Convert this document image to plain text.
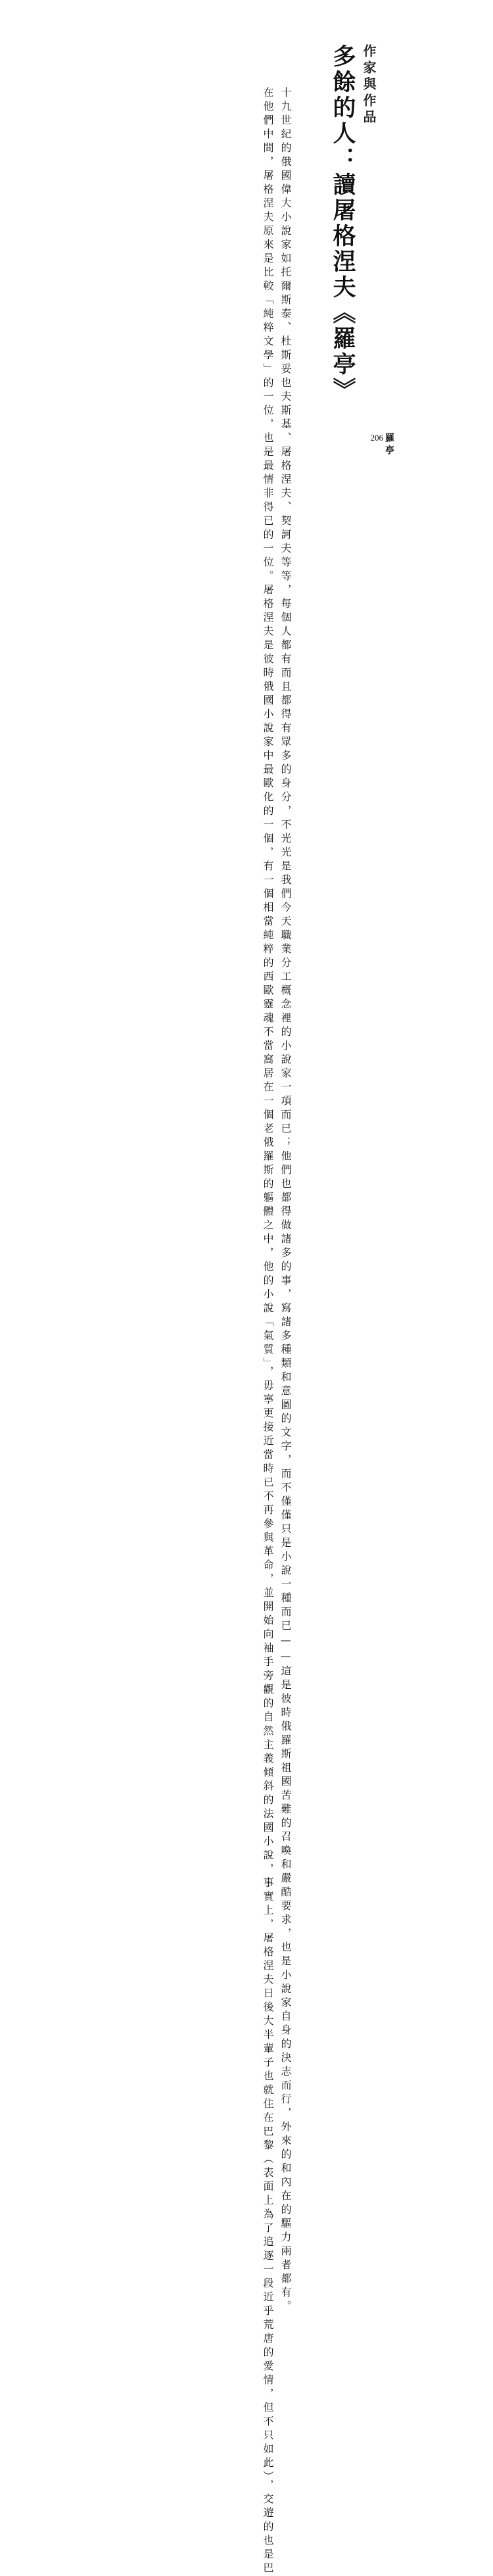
作家與作品
多餘的人：讀屠格涅夫《羅亭》

十九世紀的俄國偉大小說家如托爾斯泰、杜斯妥也夫斯基、屠格涅夫、契訶夫等等，每個人都有而且都得有眾多的身分，不光光是我們今天職業分工概念裡的小說家一項而已；他們也都得做諸多的事，寫諸多種類和意圖的文字，而不僅僅只是小說一種而已——這是彼時俄羅斯祖國苦難的召喚和嚴酷要求，也是小說家自身的決志而行，外來的和內在的驅力兩者都有。

在他們中間，屠格涅夫原來是比較「純粹文學」的一位，也是最情非得已的一位。屠格涅夫是彼時俄國小說家中最歐化的一個，有一個相當純粹的西歐靈魂不當窩居在一個老俄羅斯的軀體之中，他的小說「氣質」，毋寧更接近當時已不再參與革命，並開始向袖手旁觀的自然主義傾斜的法國小說，事實上，屠格涅夫日後大半輩子也就住在巴黎（表面上為了追逐一段近乎荒唐的愛情，但不只如此），交遊的也是巴	206 羅亭
